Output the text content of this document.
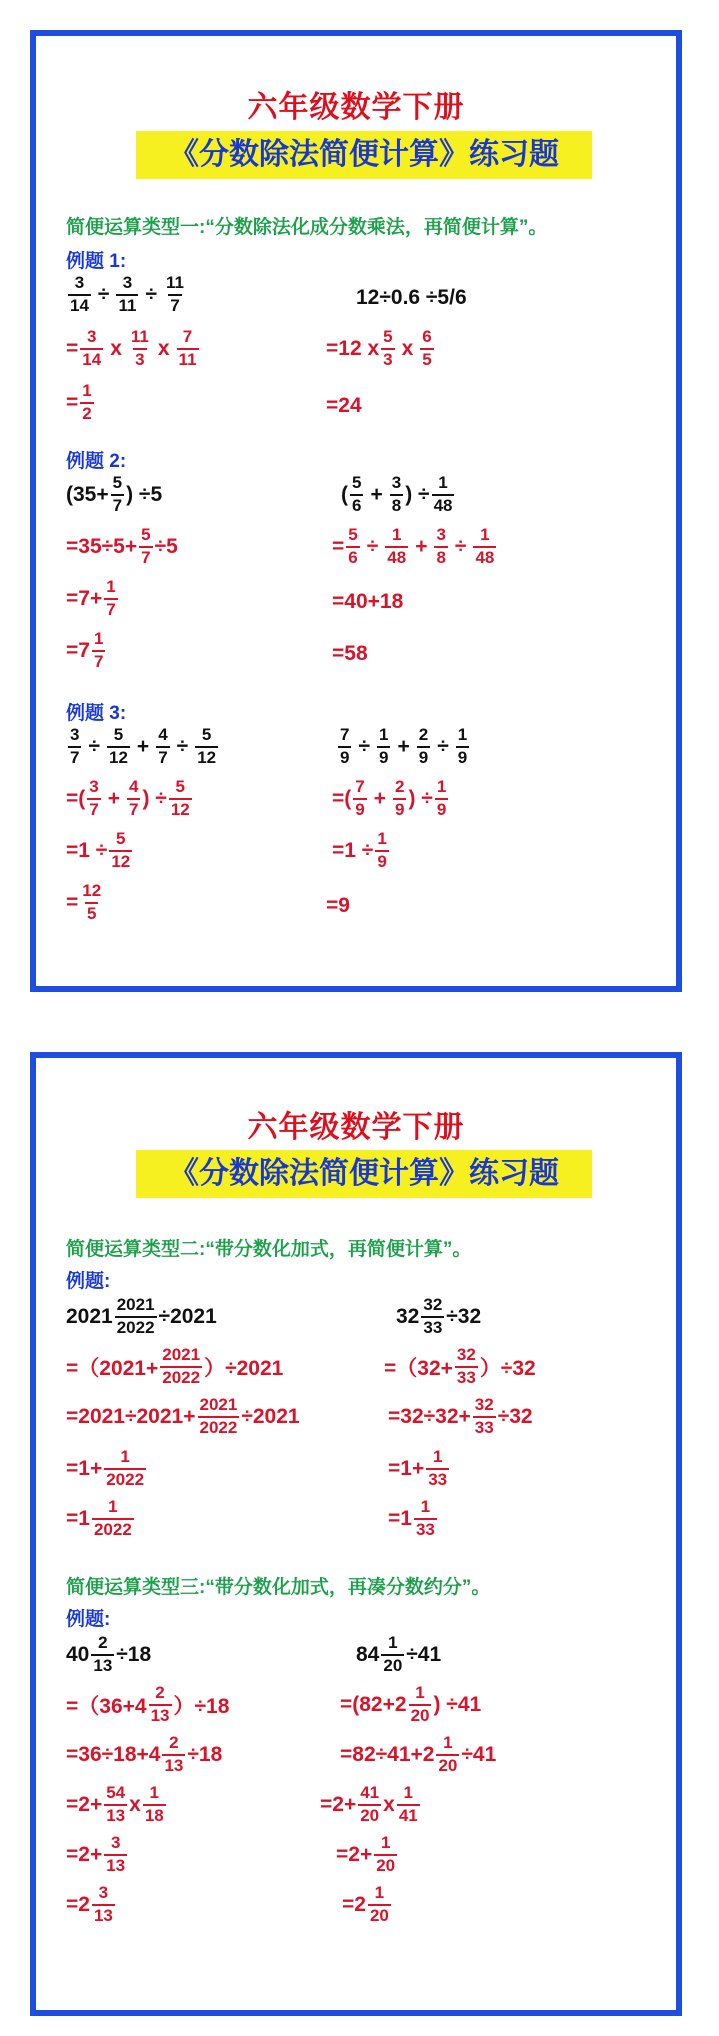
六年级数学下册
《分数除法简便计算》练习题
简便运算类型一:“分数除法化成分数乘法，再简便计算”。
例题 1:
$\frac{3}{14} \div \frac{3}{11} \div \frac{11}{7}$
= $\frac{3}{14}$ x $\frac{11}{3}$ x $\frac{7}{11}$
= $\frac{1}{2}$
12÷0.6 ÷5/6
=12 x $\frac{5}{3}$ x $\frac{6}{5}$
=24
例题 2:
($35+ \frac{5}{7}$ ) ÷5
$=35\div 5+ \frac{5}{7} \div 5$
$=7+ \frac{1}{7}$
$=7 \frac{1}{7}$
( $\frac{5}{6} + \frac{3}{8}$ ) ÷ $\frac{1}{48}$
= $\frac{5}{6} \div \frac{1}{48} + \frac{3}{8} \div \frac{1}{48}$
=40+18
=58
例题 3:
$\frac{3}{7} \div \frac{5}{12} + \frac{4}{7} \div \frac{5}{12}$
=( $\frac{3}{7} + \frac{4}{7}$ ) ÷ $\frac{5}{12}$
$=1 \div \frac{5}{12}$
= $\frac{12}{5}$
$\frac{7}{9} \div \frac{1}{9} + \frac{2}{9} \div \frac{1}{9}$
=( $\frac{7}{9} + \frac{2}{9}$ ) ÷ $\frac{1}{9}$
$=1 \div \frac{1}{9}$
=9
六年级数学下册
《分数除法简便计算》练习题
简便运算类型二:“带分数化加式，再简便计算”。
例题:
$2021 \frac{2021}{2022} \div 2021$
$=(2021+ \frac{2021}{2022} )\div 2021$
$=2021\div 2021+ \frac{2021}{2022} \div 2021$
$=1+ \frac{1}{2022}$
$=1 \frac{1}{2022}$
$32 \frac{32}{33} \div 32$
$=(32+ \frac{32}{33} )\div 32$
$=32\div 32+ \frac{32}{33} \div 32$
$=1+ \frac{1}{33}$
$=1 \frac{1}{33}$
简便运算类型三:“带分数化加式，再凑分数约分”。
例题:
$40 \frac{2}{13} \div 18$
$=(36+4 \frac{2}{13} )\div 18$
$=36\div 18+4 \frac{2}{13} \div 18$
$=2+ \frac{54}{13}$ x $\frac{1}{18}$
$=2+ \frac{3}{13}$
$=2 \frac{3}{13}$
$84 \frac{1}{20} \div 41$
$=(82+2 \frac{1}{20}$ ) ÷41
$=82\div 41+2 \frac{1}{20} \div 41$
$=2+ \frac{41}{20}$ x $\frac{1}{41}$
$=2+ \frac{1}{20}$
$=2 \frac{1}{20}$
